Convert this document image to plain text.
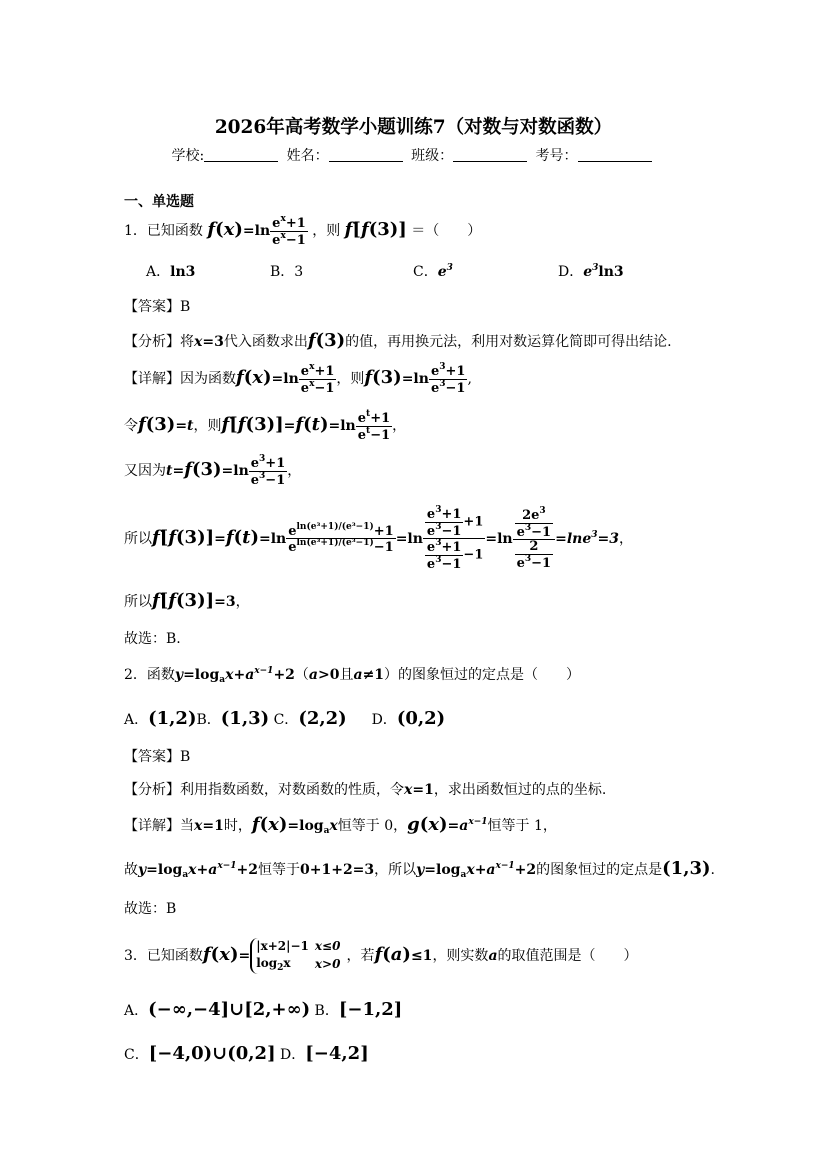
2026年高考数学小题训练7（对数与对数函数）
学校:	姓名：	班级：	考号：
一、单选题
1．已知函数 $f(x)=\ln \frac{e^x+1}{e^x-1}$ ，则 f[f(3)] ＝（　　）
A．ln3	B．3	C．$e^3$	D．$e^3\ln 3$
【答案】B
【分析】将x=3代入函数求出f(3)的值，再用换元法，利用对数运算化简即可得出结论.
【详解】因为函数$f(x)=\ln \frac{e^x+1}{e^x-1}$ ，则$f(3)=\ln \frac{e^3+1}{e^3-1}$ ,
令f(3)=t，则$f[f(3)]=f(t)=\ln \frac{e^t+1}{e^t-1}$ ，
又因为$t=f(3)=\ln \frac{e^3+1}{e^3-1}$ ，
所以$f[f(3)]=f(t)=\ln \frac{e^{ln(e^3+1)/(e^3-1)}+1}{e^{ln(e^3+1)/(e^3-1)}-1} =\ln \frac{\frac{e^3+1}{e^3-1} +1}{\frac{e^3+1}{e^3-1} -1} =\ln \frac{\frac{2e^3}{e^3-1}}{\frac{2}{e^3-1}} =\ln e^3=3$，
所以f[f(3)]=3，
故选：B.
2．函数$y=\log_ax+a^{x-1}+2(a>0$且a≠1）的图象恒过的定点是（　　）
A．(1,2)B．(1,3) C．(2,2) D．(0,2)
【答案】B
【分析】利用指数函数，对数函数的性质，令x=1，求出函数恒过的点的坐标.
【详解】当x=1时，$f(x)=\log_ax$恒等于 0，$g(x)=a^{x-1}$恒等于 1，
故$y=\log_ax+a^{x-1}+2$恒等于0+1+2=3，所以$y=\log_ax+a^{x-1}+2$的图象恒过的定点是(1,3).
故选：B
3．已知函数f(x)=
|x+2|−1	x≤0
$\log_2x$	x>0 ，若f(a)≤1，则实数a的取值范围是（　　）
A．(−∞,−4]∪[2,+∞) B．[−1,2]
C．[−4,0)∪(0,2] D．[−4,2]
